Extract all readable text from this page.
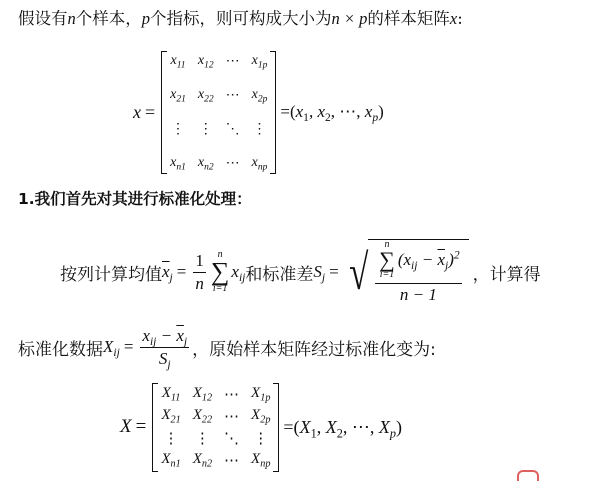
假设有n个样本，p个指标，则可构成大小为n × p的样本矩阵x:
x =
$x_{11}$ $x_{12}$ ⋯ $x_{1p}$
$x_{21}$ $x_{22}$ ⋯ $x_{2p}$
⋮ ⋮ ⋱ ⋮
$x_{n1}$ $x_{n2}$ ⋯ $x_{np}$
$=(x_1$, $x_2$, ⋯, $x_p$)
1.我们首先对其进行标准化处理：
按列计算均值 $\overline{x}_j = \frac{1}{n}$ n
∑
i=1
$x_{ij}$ 和标准差 $S_j$ = √ n
∑
i=1
$(x_{ij} - \overline{x}_j)^2$
n − 1 ，计算得
标准化数据 $X_{ij} = \frac{x_{ij} - \overline{x}_j}{S_j}$ ，原始样本矩阵经过标准化变为:
X =
$X_{11}$ $X_{12}$ ⋯ $X_{1p}$
$X_{21}$ $X_{22}$ ⋯ $X_{2p}$
⋮ ⋮ ⋱ ⋮
$X_{n1}$ $X_{n2}$ ⋯ $X_{np}$
$=(X_1$, $X_2$, ⋯, $X_p$)
